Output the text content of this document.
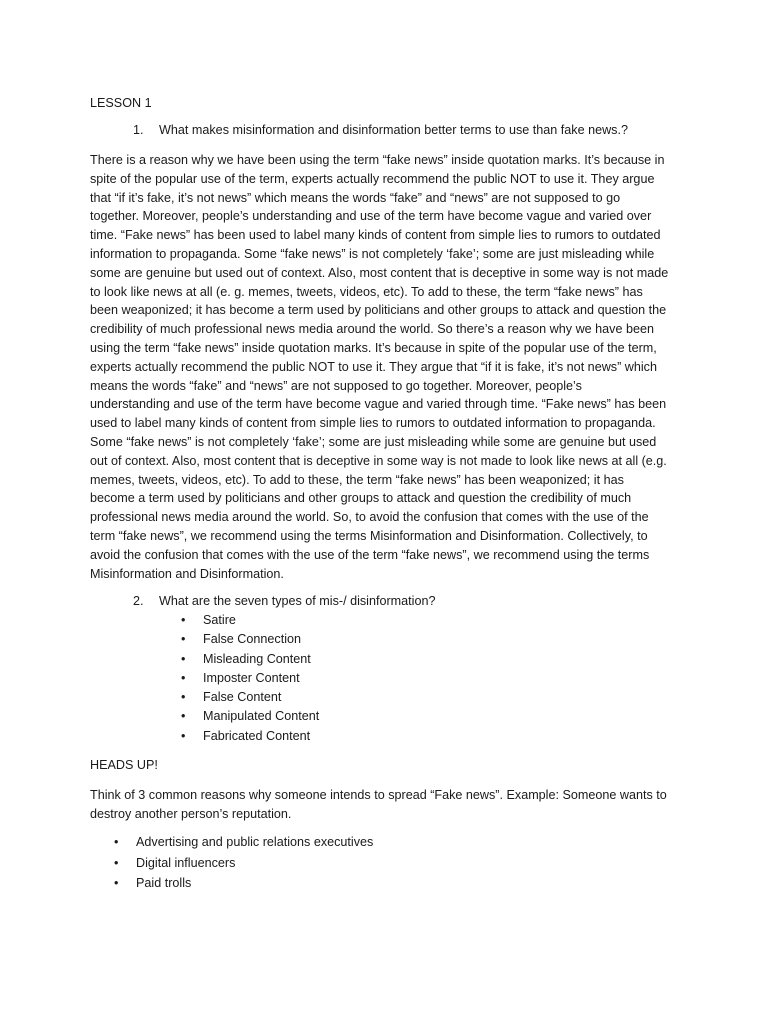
LESSON 1
1. What makes misinformation and disinformation better terms to use than fake news.?
There is a reason why we have been using the term “fake news” inside quotation marks. It’s because in
spite of the popular use of the term, experts actually recommend the public NOT to use it. They argue
that “if it’s fake, it’s not news” which means the words “fake” and “news” are not supposed to go
together. Moreover, people’s understanding and use of the term have become vague and varied over
time. “Fake news” has been used to label many kinds of content from simple lies to rumors to outdated
information to propaganda. Some “fake news” is not completely ‘fake’; some are just misleading while
some are genuine but used out of context. Also, most content that is deceptive in some way is not made
to look like news at all (e. g. memes, tweets, videos, etc). To add to these, the term “fake news” has
been weaponized; it has become a term used by politicians and other groups to attack and question the
credibility of much professional news media around the world. So there’s a reason why we have been
using the term “fake news” inside quotation marks. It’s because in spite of the popular use of the term,
experts actually recommend the public NOT to use it. They argue that “if it is fake, it’s not news” which
means the words “fake” and “news” are not supposed to go together. Moreover, people’s
understanding and use of the term have become vague and varied through time. “Fake news” has been
used to label many kinds of content from simple lies to rumors to outdated information to propaganda.
Some “fake news” is not completely ‘fake’; some are just misleading while some are genuine but used
out of context. Also, most content that is deceptive in some way is not made to look like news at all (e.g.
memes, tweets, videos, etc). To add to these, the term “fake news” has been weaponized; it has
become a term used by politicians and other groups to attack and question the credibility of much
professional news media around the world. So, to avoid the confusion that comes with the use of the
term “fake news”, we recommend using the terms Misinformation and Disinformation. Collectively, to
avoid the confusion that comes with the use of the term “fake news”, we recommend using the terms
Misinformation and Disinformation.
2. What are the seven types of mis-/ disinformation?
• Satire
• False Connection
• Misleading Content
• Imposter Content
• False Content
• Manipulated Content
• Fabricated Content
HEADS UP!
Think of 3 common reasons why someone intends to spread “Fake news”. Example: Someone wants to
destroy another person’s reputation.
• Advertising and public relations executives
• Digital influencers
• Paid trolls
